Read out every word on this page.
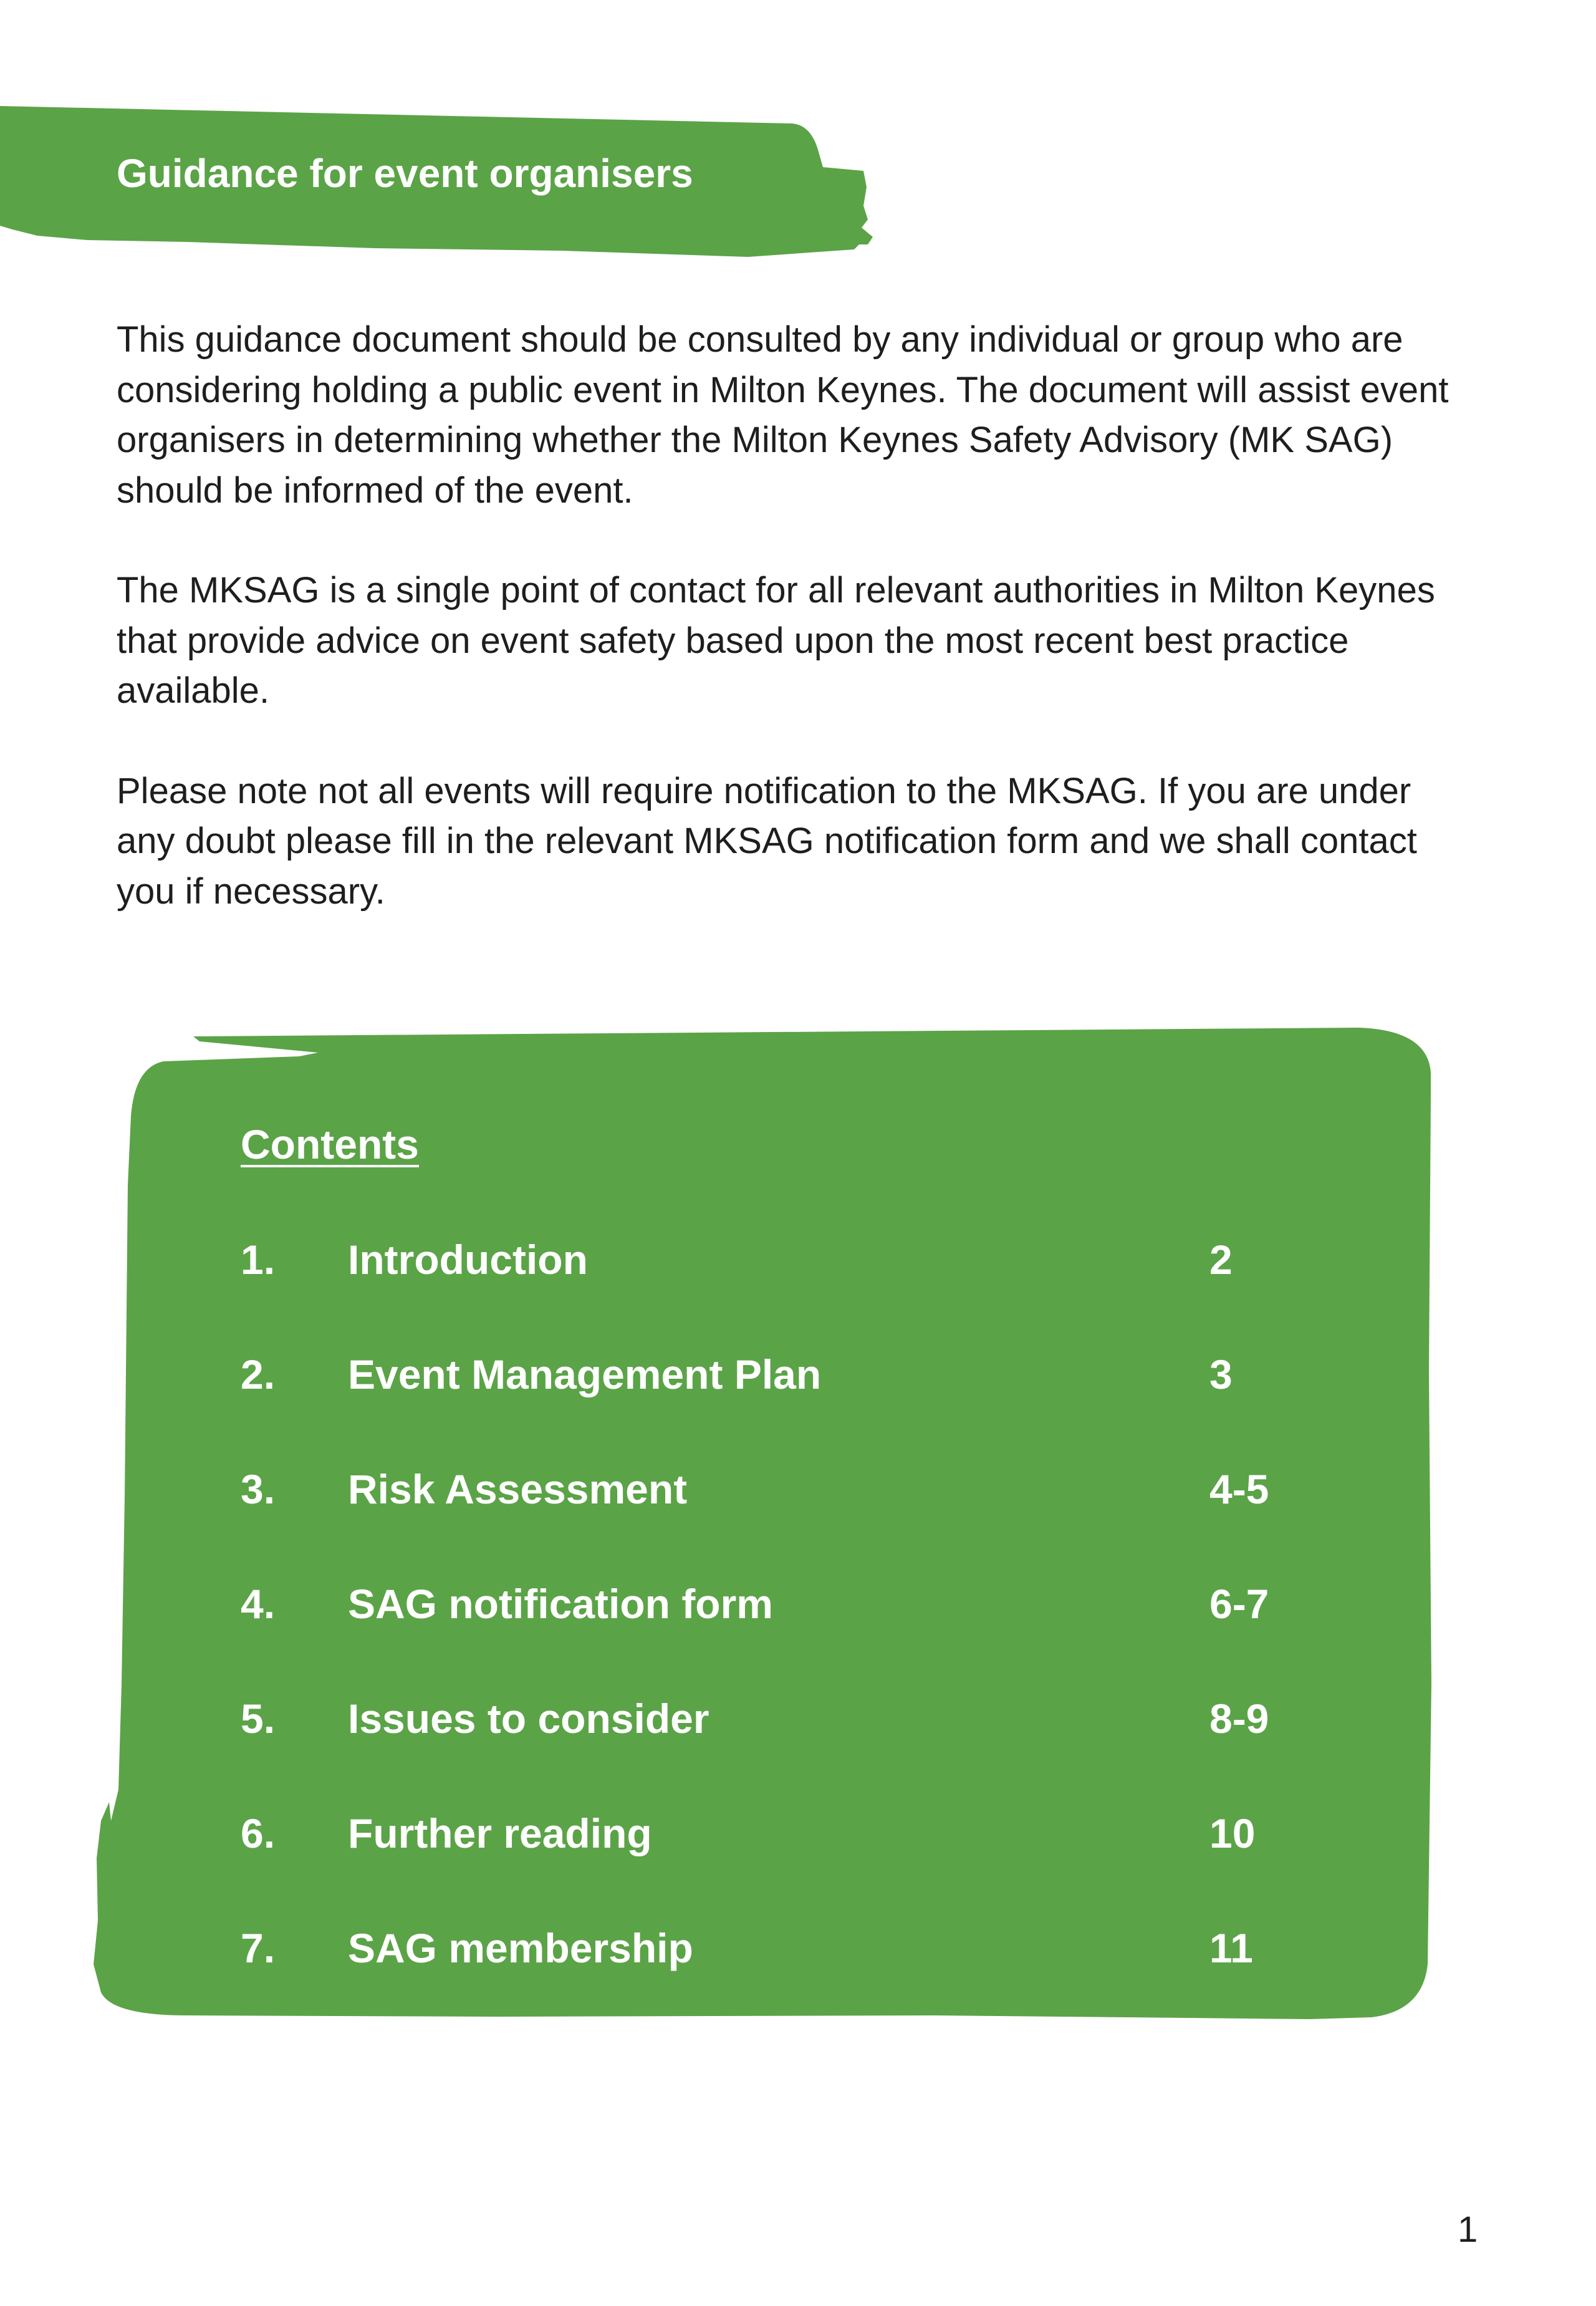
Guidance for event organisers

This guidance document should be consulted by any individual or group who are considering holding a public event in Milton Keynes. The document will assist event organisers in determining whether the Milton Keynes Safety Advisory (MK SAG) should be informed of the event.

The MKSAG is a single point of contact for all relevant authorities in Milton Keynes that provide advice on event safety based upon the most recent best practice available.

Please note not all events will require notification to the MKSAG. If you are under any doubt please fill in the relevant MKSAG notification form and we shall contact you if necessary.

Contents
1. Introduction	2
2. Event Management Plan	3
3. Risk Assessment	4-5
4. SAG notification form	6-7
5. Issues to consider	8-9
6. Further reading	10
7. SAG membership	11
1
